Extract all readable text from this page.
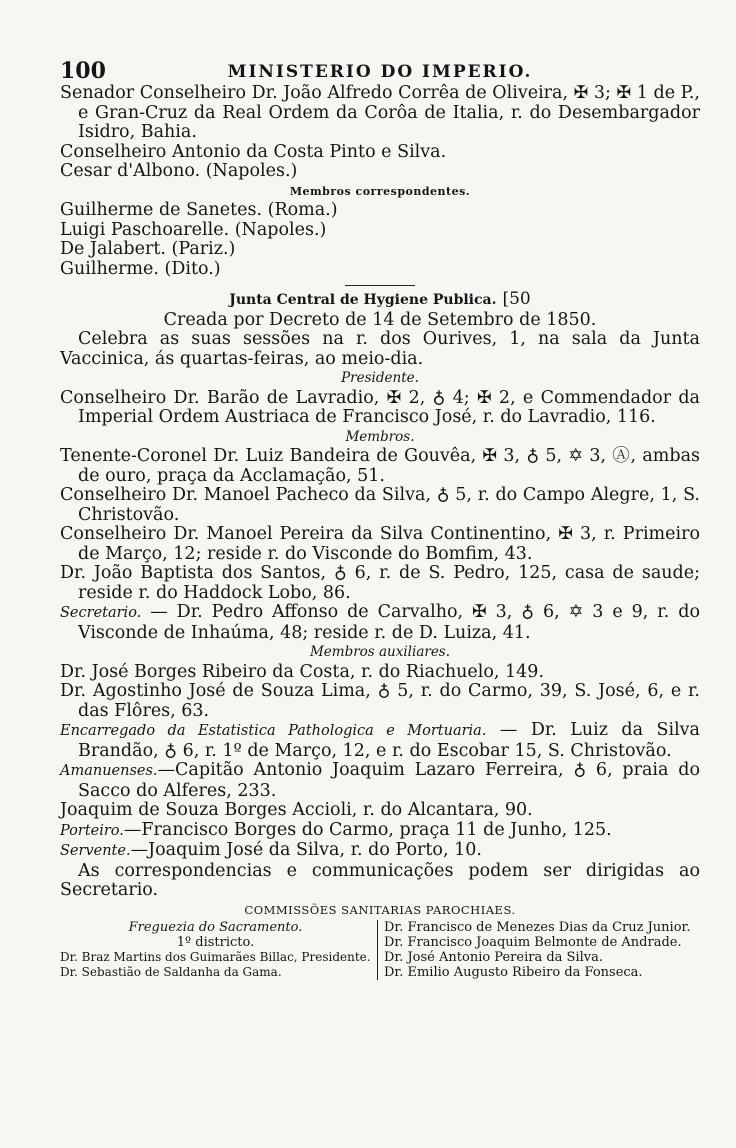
100	MINISTERIO DO IMPERIO.

Senador Conselheiro Dr. João Alfredo Corrêa de Oliveira, ✠ 3; ✠ 1 de P., e Gran-Cruz da Real Ordem da Corôa de Italia, r. do Desembargador Isidro, Bahia.

Conselheiro Antonio da Costa Pinto e Silva.

Cesar d'Albono. (Napoles.)

Membros correspondentes.

Guilherme de Sanetes. (Roma.)

Luigi Paschoarelle. (Napoles.)

De Jalabert. (Pariz.)

Guilherme. (Dito.)

Junta Central de Hygiene Publica. [50

Creada por Decreto de 14 de Setembro de 1850.

Celebra as suas sessões na r. dos Ourives, 1, na sala da Junta Vaccinica, ás quartas-feiras, ao meio-dia.

Presidente.

Conselheiro Dr. Barão de Lavradio, ✠ 2, ♁ 4; ✠ 2, e Commendador da Imperial Ordem Austriaca de Francisco José, r. do Lavradio, 116.

Membros.

Tenente-Coronel Dr. Luiz Bandeira de Gouvêa, ✠ 3, ♁ 5, ✡ 3, Ⓐ, ambas de ouro, praça da Acclamação, 51.

Conselheiro Dr. Manoel Pacheco da Silva, ♁ 5, r. do Campo Alegre, 1, S. Christovão.

Conselheiro Dr. Manoel Pereira da Silva Continentino, ✠ 3, r. Primeiro de Março, 12; reside r. do Visconde do Bomfim, 43.

Dr. João Baptista dos Santos, ♁ 6, r. de S. Pedro, 125, casa de saude; reside r. do Haddock Lobo, 86.

Secretario. — Dr. Pedro Affonso de Carvalho, ✠ 3, ♁ 6, ✡ 3 e 9, r. do Visconde de Inhaúma, 48; reside r. de D. Luiza, 41.

Membros auxiliares.

Dr. José Borges Ribeiro da Costa, r. do Riachuelo, 149.

Dr. Agostinho José de Souza Lima, ♁ 5, r. do Carmo, 39, S. José, 6, e r. das Flôres, 63.

Encarregado da Estatistica Pathologica e Mortuaria. — Dr. Luiz da Silva Brandão, ♁ 6, r. 1º de Março, 12, e r. do Escobar 15, S. Christovão.

Amanuenses.—Capitão Antonio Joaquim Lazaro Ferreira, ♁ 6, praia do Sacco do Alferes, 233.

Joaquim de Souza Borges Accioli, r. do Alcantara, 90.

Porteiro.—Francisco Borges do Carmo, praça 11 de Junho, 125.

Servente.—Joaquim José da Silva, r. do Porto, 10.

As correspondencias e communicações podem ser dirigidas ao Secretario.

COMMISSÕES SANITARIAS PAROCHIAES.

Freguezia do Sacramento.

1º districto.

Dr. Braz Martins dos Guimarães Billac, Presidente.

Dr. Sebastião de Saldanha da Gama.

Dr. Francisco de Menezes Dias da Cruz Junior.

Dr. Francisco Joaquim Belmonte de Andrade.

Dr. José Antonio Pereira da Silva.

Dr. Emilio Augusto Ribeiro da Fonseca.
